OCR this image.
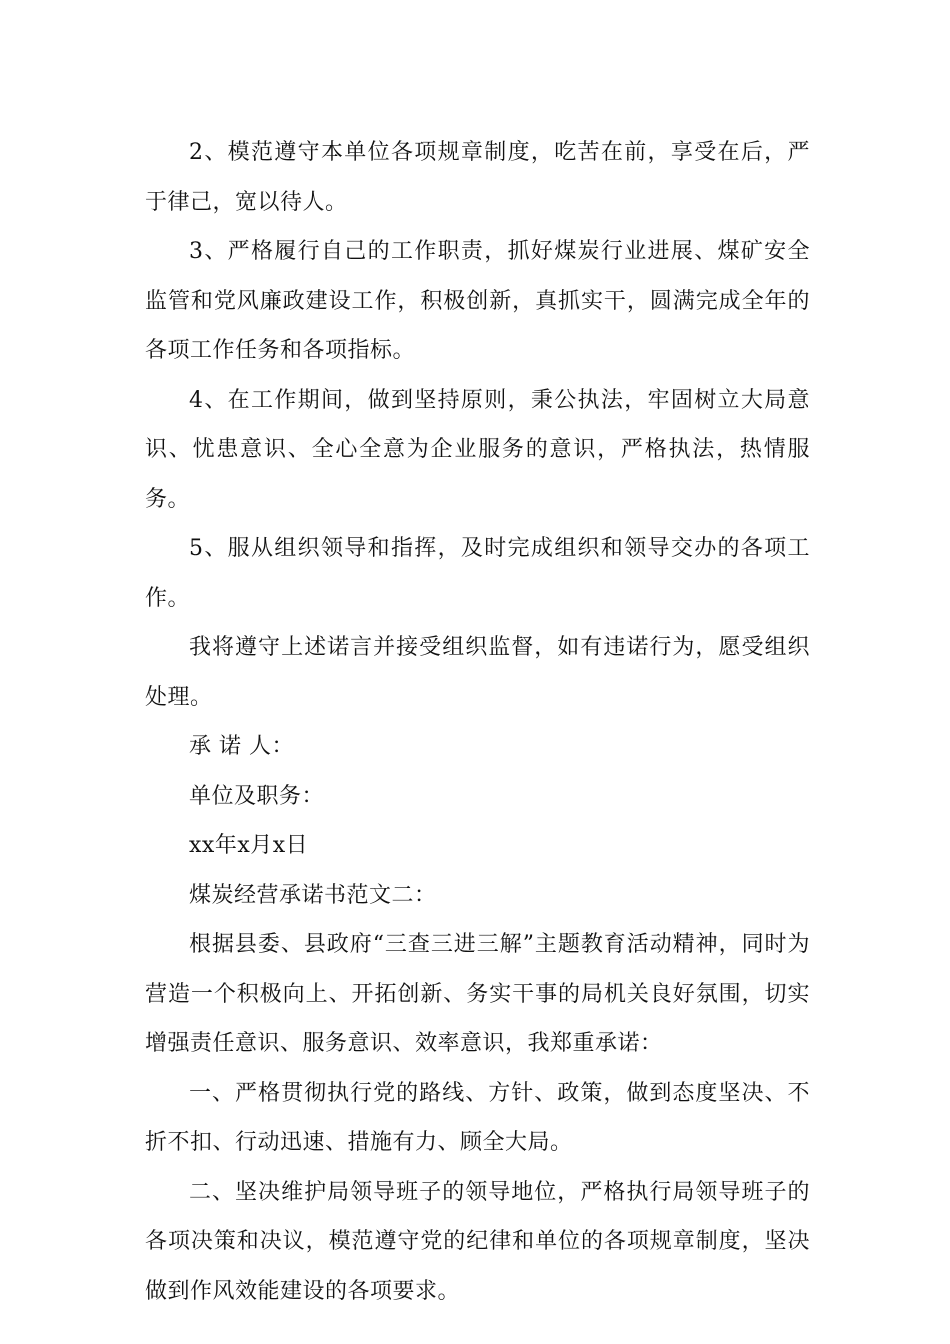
2、模范遵守本单位各项规章制度，吃苦在前，享受在后，严于律己，宽以待人。

3、严格履行自己的工作职责，抓好煤炭行业进展、煤矿安全监管和党风廉政建设工作，积极创新，真抓实干，圆满完成全年的各项工作任务和各项指标。

4、在工作期间，做到坚持原则，秉公执法，牢固树立大局意识、忧患意识、全心全意为企业服务的意识，严格执法，热情服务。

5、服从组织领导和指挥，及时完成组织和领导交办的各项工作。

我将遵守上述诺言并接受组织监督，如有违诺行为，愿受组织处理。

承 诺 人：

单位及职务：

xx年x月x日

煤炭经营承诺书范文二：

根据县委、县政府“三查三进三解”主题教育活动精神，同时为营造一个积极向上、开拓创新、务实干事的局机关良好氛围，切实增强责任意识、服务意识、效率意识，我郑重承诺：

一、严格贯彻执行党的路线、方针、政策，做到态度坚决、不折不扣、行动迅速、措施有力、顾全大局。

二、坚决维护局领导班子的领导地位，严格执行局领导班子的各项决策和决议，模范遵守党的纪律和单位的各项规章制度，坚决做到作风效能建设的各项要求。
